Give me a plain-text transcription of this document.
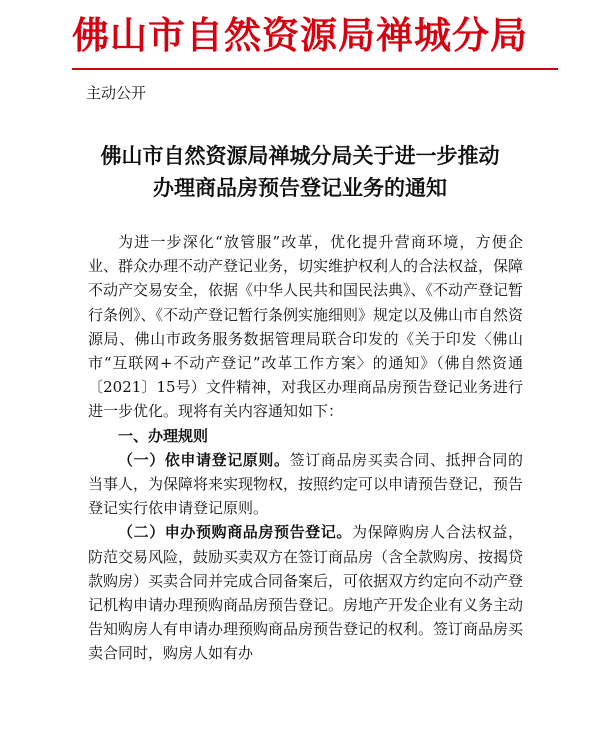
佛山市自然资源局禅城分局
主动公开
佛山市自然资源局禅城分局关于进一步推动
办理商品房预告登记业务的通知

为进一步深化“放管服”改革，优化提升营商环境，方便企业、群众办理不动产登记业务，切实维护权利人的合法权益，保障不动产交易安全，依据《中华人民共和国民法典》、《不动产登记暂行条例》、《不动产登记暂行条例实施细则》规定以及佛山市自然资源局、佛山市政务服务数据管理局联合印发的《关于印发〈佛山市“互联网+不动产登记”改革工作方案〉的通知》（佛自然资通〔2021〕15号）文件精神，对我区办理商品房预告登记业务进行进一步优化。现将有关内容通知如下：

一、办理规则

（一）依申请登记原则。签订商品房买卖合同、抵押合同的当事人，为保障将来实现物权，按照约定可以申请预告登记，预告登记实行依申请登记原则。

（二）申办预购商品房预告登记。为保障购房人合法权益，防范交易风险，鼓励买卖双方在签订商品房（含全款购房、按揭贷款购房）买卖合同并完成合同备案后，可依据双方约定向不动产登记机构申请办理预购商品房预告登记。房地产开发企业有义务主动告知购房人有申请办理预购商品房预告登记的权利。签订商品房买卖合同时，购房人如有办
